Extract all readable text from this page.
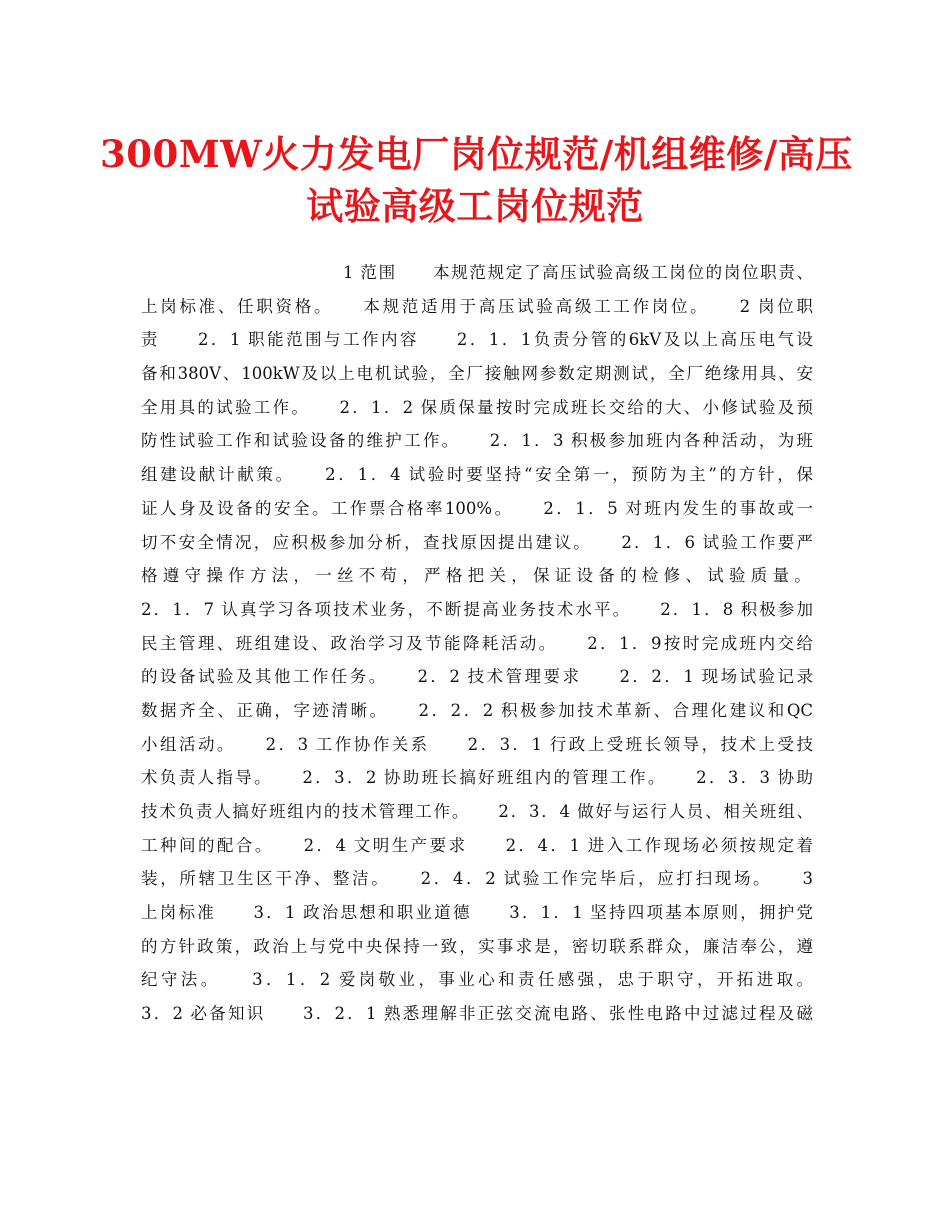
300MW火力发电厂岗位规范/机组维修/高压
试验高级工岗位规范
1 范围　　本规范规定了高压试验高级工岗位的岗位职责、
上岗标准、任职资格。　　本规范适用于高压试验高级工工作岗位。　　2 岗位职
责　　2．1 职能范围与工作内容　　2．1．1负责分管的6kV及以上高压电气设
备和380V、100kW及以上电机试验，全厂接触网参数定期测试，全厂绝缘用具、安
全用具的试验工作。　　2．1．2 保质保量按时完成班长交给的大、小修试验及预
防性试验工作和试验设备的维护工作。　　2．1．3 积极参加班内各种活动，为班
组建设献计献策。　　2．1．4 试验时要坚持“安全第一，预防为主”的方针，保
证人身及设备的安全。工作票合格率100%。　　2．1．5 对班内发生的事故或一
切不安全情况，应积极参加分析，查找原因提出建议。　　2．1．6 试验工作要严
格遵守操作方法，一丝不苟，严格把关，保证设备的检修、试验质量。
2．1．7 认真学习各项技术业务，不断提高业务技术水平。　　2．1．8 积极参加
民主管理、班组建设、政治学习及节能降耗活动。　　2．1．9按时完成班内交给
的设备试验及其他工作任务。　　2．2 技术管理要求　　2．2．1 现场试验记录
数据齐全、正确，字迹清晰。　　2．2．2 积极参加技术革新、合理化建议和QC
小组活动。　　2．3 工作协作关系　　2．3．1 行政上受班长领导，技术上受技
术负责人指导。　　2．3．2 协助班长搞好班组内的管理工作。　　2．3．3 协助
技术负责人搞好班组内的技术管理工作。　　2．3．4 做好与运行人员、相关班组、
工种间的配合。　　2．4 文明生产要求　　2．4．1 进入工作现场必须按规定着
装，所辖卫生区干净、整洁。　　2．4．2 试验工作完毕后，应打扫现场。　　3
上岗标准　　3．1 政治思想和职业道德　　3．1．1 坚持四项基本原则，拥护党
的方针政策，政治上与党中央保持一致，实事求是，密切联系群众，廉洁奉公，遵
纪守法。　　3．1．2 爱岗敬业，事业心和责任感强，忠于职守，开拓进取。
3．2 必备知识　　3．2．1 熟悉理解非正弦交流电路、张性电路中过滤过程及磁
